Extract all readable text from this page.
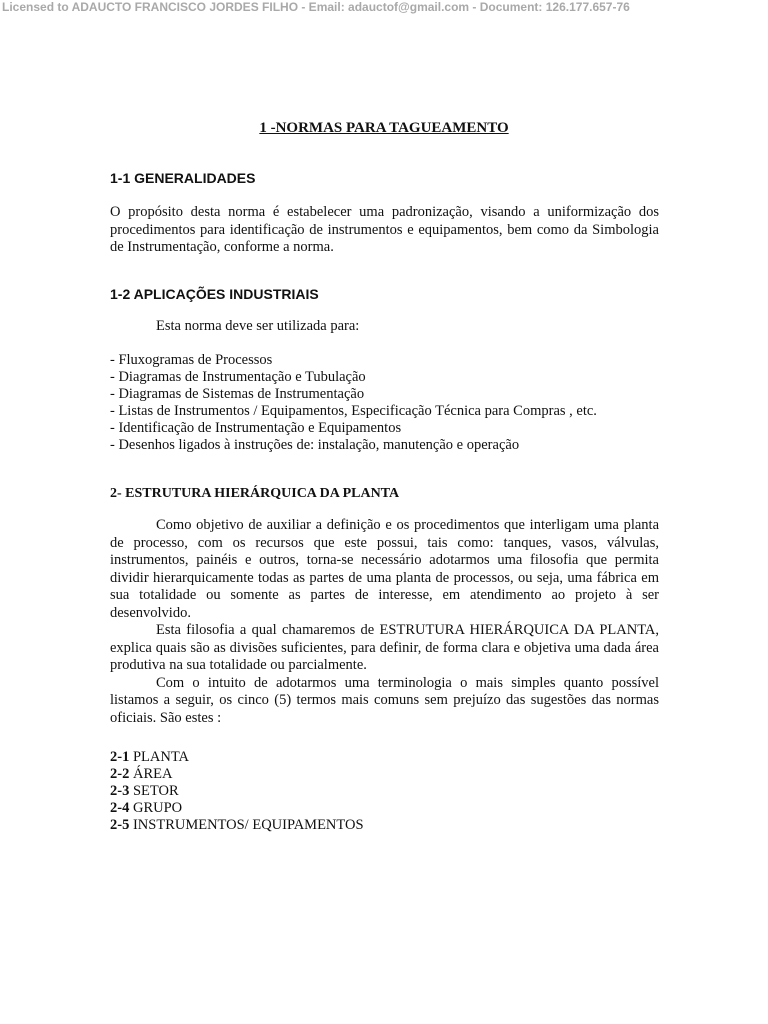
Licensed to ADAUCTO FRANCISCO JORDES FILHO - Email: adauctof@gmail.com - Document: 126.177.657-76
1 -NORMAS PARA TAGUEAMENTO
1-1 GENERALIDADES

O propósito desta norma é estabelecer uma padronização, visando a uniformização dos procedimentos para identificação de instrumentos e equipamentos, bem como da Simbologia de Instrumentação, conforme a norma.

1-2 APLICAÇÕES INDUSTRIAIS
Esta norma deve ser utilizada para:
- Fluxogramas de Processos
- Diagramas de Instrumentação e Tubulação
- Diagramas de Sistemas de Instrumentação
- Listas de Instrumentos / Equipamentos, Especificação Técnica para Compras , etc.
- Identificação de Instrumentação e Equipamentos
- Desenhos ligados à instruções de: instalação, manutenção e operação
2- ESTRUTURA HIERÁRQUICA DA PLANTA

Como objetivo de auxiliar a definição e os procedimentos que interligam uma planta de processo, com os recursos que este possui, tais como: tanques, vasos, válvulas, instrumentos, painéis e outros, torna-se necessário adotarmos uma filosofia que permita dividir hierarquicamente todas as partes de uma planta de processos, ou seja, uma fábrica em sua totalidade ou somente as partes de interesse, em atendimento ao projeto à ser desenvolvido.

Esta filosofia a qual chamaremos de ESTRUTURA HIERÁRQUICA DA PLANTA, explica quais são as divisões suficientes, para definir, de forma clara e objetiva uma dada área produtiva na sua totalidade ou parcialmente.

Com o intuito de adotarmos uma terminologia o mais simples quanto possível listamos a seguir, os cinco (5) termos mais comuns sem prejuízo das sugestões das normas oficiais. São estes :

2-1 PLANTA
2-2 ÁREA
2-3 SETOR
2-4 GRUPO
2-5 INSTRUMENTOS/ EQUIPAMENTOS
